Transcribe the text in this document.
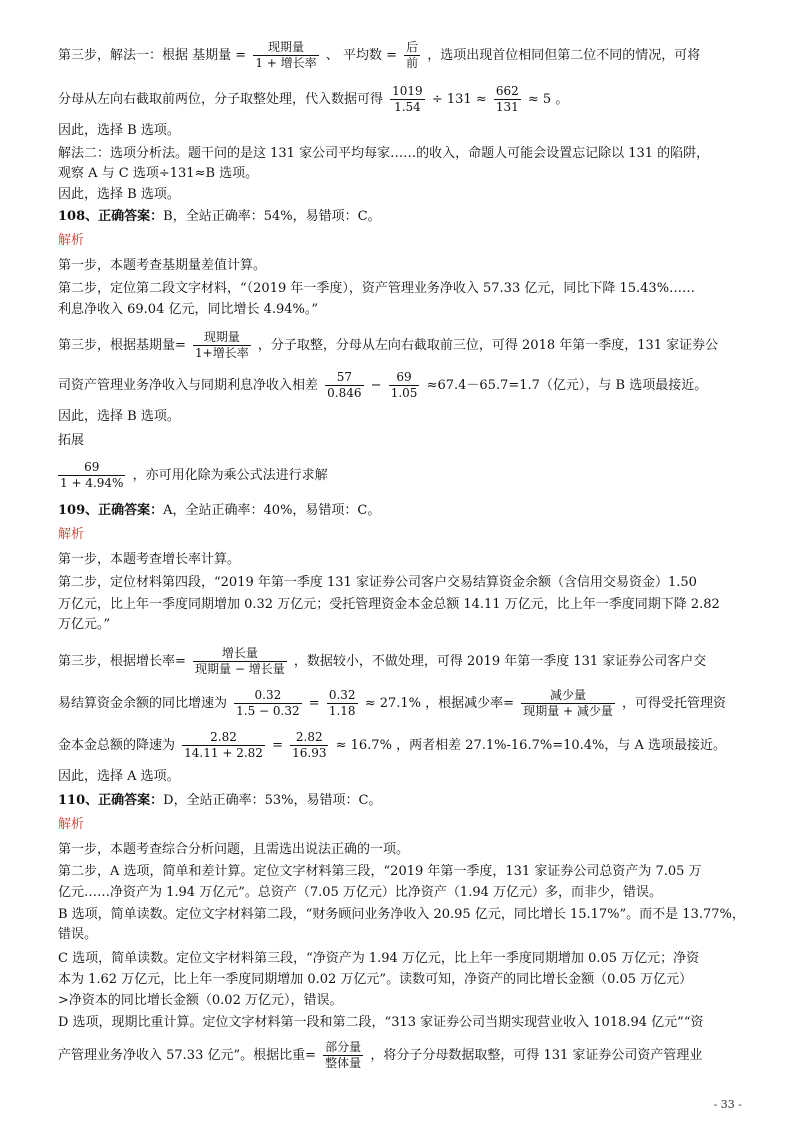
第三步，解法一：根据 基期量 =
现期量
1 + 增长率 、 平均数 =
后
前 ，选项出现首位相同但第二位不同的情况，可将
分母从左向右截取前两位，分子取整处理，代入数据可得 $\frac{1019}{1.54} \div 131 \approx \frac{662}{131} \approx 5$ 。
因此，选择 B 选项。
解法二：选项分析法。题干问的是这 131 家公司平均每家……的收入，命题人可能会设置忘记除以 131 的陷阱，
观察 A 与 C 选项÷131≈B 选项。
因此，选择 B 选项。
108、正确答案：B，全站正确率：54%，易错项：C。
解析
第一步，本题考查基期量差值计算。
第二步，定位第二段文字材料，“（2019 年一季度），资产管理业务净收入 57.33 亿元，同比下降 15.43%……
利息净收入 69.04 亿元，同比增长 4.94%。”
第三步，根据基期量=
现期量
1+增长率 ，分子取整，分母从左向右截取前三位，可得 2018 年第一季度，131 家证券公
司资产管理业务净收入与同期利息净收入相差 $\frac{57}{0.846} - \frac{69}{1.05} \approx 67.4-65.7=1.7$（亿元），与 B 选项最接近。
因此，选择 B 选项。
拓展
$\frac{69}{1 + 4.94\%}$ ，亦可用化除为乘公式法进行求解
109、正确答案：A，全站正确率：40%，易错项：C。
解析
第一步，本题考查增长率计算。
第二步，定位材料第四段，“2019 年第一季度 131 家证券公司客户交易结算资金余额（含信用交易资金）1.50
万亿元，比上年一季度同期增加 0.32 万亿元；受托管理资金本金总额 14.11 万亿元，比上年一季度同期下降 2.82
万亿元。”
第三步，根据增长率=
增长量
现期量 − 增长量 ，数据较小，不做处理，可得 2019 年第一季度 131 家证券公司客户交
易结算资金余额的同比增速为 $\frac{0.32}{1.5 - 0.32} = \frac{0.32}{1.18} \approx 27.1\%$ ，根据减少率=
减少量
现期量 + 减少量 ，可得受托管理资
金本金总额的降速为 $\frac{2.82}{14.11 + 2.82} = \frac{2.82}{16.93} \approx 16.7\%$ ，两者相差 27.1%-16.7%=10.4%，与 A 选项最接近。
因此，选择 A 选项。
110、正确答案：D，全站正确率：53%，易错项：C。
解析
第一步，本题考查综合分析问题，且需选出说法正确的一项。
第二步，A 选项，简单和差计算。定位文字材料第三段，“2019 年第一季度，131 家证券公司总资产为 7.05 万
亿元……净资产为 1.94 万亿元”。总资产（7.05 万亿元）比净资产（1.94 万亿元）多，而非少，错误。
B 选项，简单读数。定位文字材料第二段，“财务顾问业务净收入 20.95 亿元，同比增长 15.17%”。而不是 13.77%，
错误。
C 选项，简单读数。定位文字材料第三段，“净资产为 1.94 万亿元，比上年一季度同期增加 0.05 万亿元；净资
本为 1.62 万亿元，比上年一季度同期增加 0.02 万亿元”。读数可知，净资产的同比增长金额（0.05 万亿元）
>净资本的同比增长金额（0.02 万亿元），错误。
D 选项，现期比重计算。定位文字材料第一段和第二段，“313 家证券公司当期实现营业收入 1018.94 亿元”“资
产管理业务净收入 57.33 亿元”。根据比重=
部分量
整体量 ，将分子分母数据取整，可得 131 家证券公司资产管理业
- 33 -
